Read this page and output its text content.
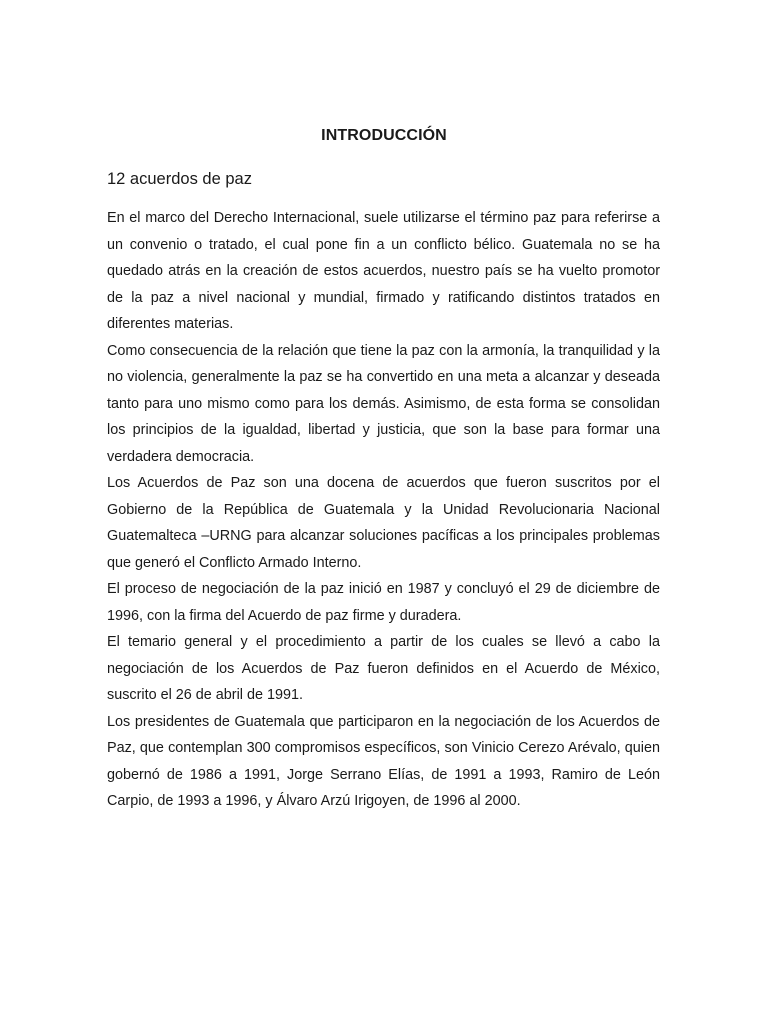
INTRODUCCIÓN
12 acuerdos de paz

En el marco del Derecho Internacional, suele utilizarse el término paz para referirse a un convenio o tratado, el cual pone fin a un conflicto bélico. Guatemala no se ha quedado atrás en la creación de estos acuerdos, nuestro país se ha vuelto promotor de la paz a nivel nacional y mundial, firmado y ratificando distintos tratados en diferentes materias.

Como consecuencia de la relación que tiene la paz con la armonía, la tranquilidad y la no violencia, generalmente la paz se ha convertido en una meta a alcanzar y deseada tanto para uno mismo como para los demás. Asimismo, de esta forma se consolidan los principios de la igualdad, libertad y justicia, que son la base para formar una verdadera democracia.

Los Acuerdos de Paz son una docena de acuerdos que fueron suscritos por el Gobierno de la República de Guatemala y la Unidad Revolucionaria Nacional Guatemalteca –URNG para alcanzar soluciones pacíficas a los principales problemas que generó el Conflicto Armado Interno.

El proceso de negociación de la paz inició en 1987 y concluyó el 29 de diciembre de 1996, con la firma del Acuerdo de paz firme y duradera.

El temario general y el procedimiento a partir de los cuales se llevó a cabo la negociación de los Acuerdos de Paz fueron definidos en el Acuerdo de México, suscrito el 26 de abril de 1991.

Los presidentes de Guatemala que participaron en la negociación de los Acuerdos de Paz, que contemplan 300 compromisos específicos, son Vinicio Cerezo Arévalo, quien gobernó de 1986 a 1991, Jorge Serrano Elías, de 1991 a 1993, Ramiro de León Carpio, de 1993 a 1996, y Álvaro Arzú Irigoyen, de 1996 al 2000.
